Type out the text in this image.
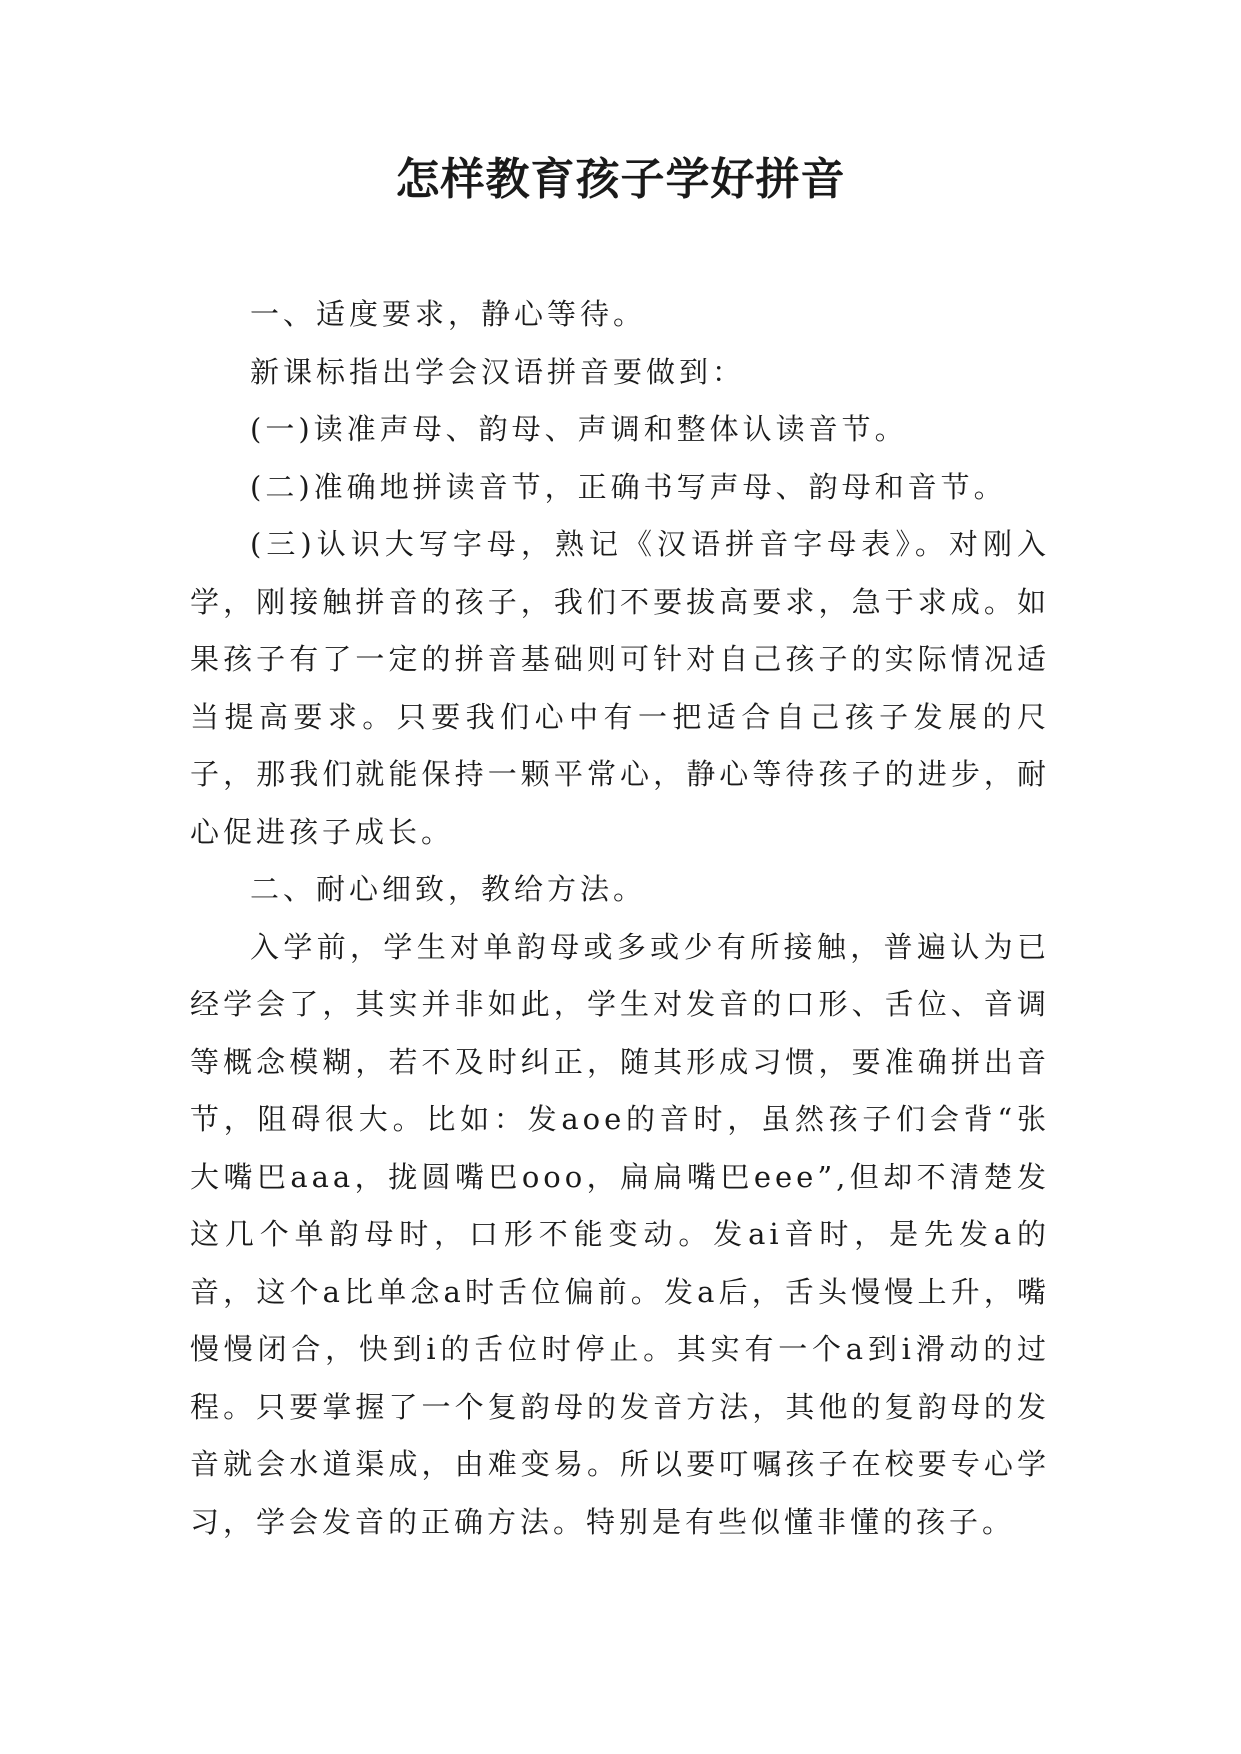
怎样教育孩子学好拼音

一、适度要求，静心等待。

新课标指出学会汉语拼音要做到：

(一)读准声母、韵母、声调和整体认读音节。

(二)准确地拼读音节，正确书写声母、韵母和音节。

(三)认识大写字母，熟记《汉语拼音字母表》。对刚入学，刚接触拼音的孩子，我们不要拔高要求，急于求成。如果孩子有了一定的拼音基础则可针对自己孩子的实际情况适当提高要求。只要我们心中有一把适合自己孩子发展的尺子，那我们就能保持一颗平常心，静心等待孩子的进步，耐心促进孩子成长。

二、耐心细致，教给方法。

入学前，学生对单韵母或多或少有所接触，普遍认为已经学会了，其实并非如此，学生对发音的口形、舌位、音调等概念模糊，若不及时纠正，随其形成习惯，要准确拼出音节，阻碍很大。比如：发aoe的音时，虽然孩子们会背“张大嘴巴aaa，拢圆嘴巴ooo，扁扁嘴巴eee”,但却不清楚发这几个单韵母时，口形不能变动。发ai音时，是先发a的音，这个a比单念a时舌位偏前。发a后，舌头慢慢上升，嘴慢慢闭合，快到i的舌位时停止。其实有一个a到i滑动的过程。只要掌握了一个复韵母的发音方法，其他的复韵母的发音就会水道渠成，由难变易。所以要叮嘱孩子在校要专心学习，学会发音的正确方法。特别是有些似懂非懂的孩子。
